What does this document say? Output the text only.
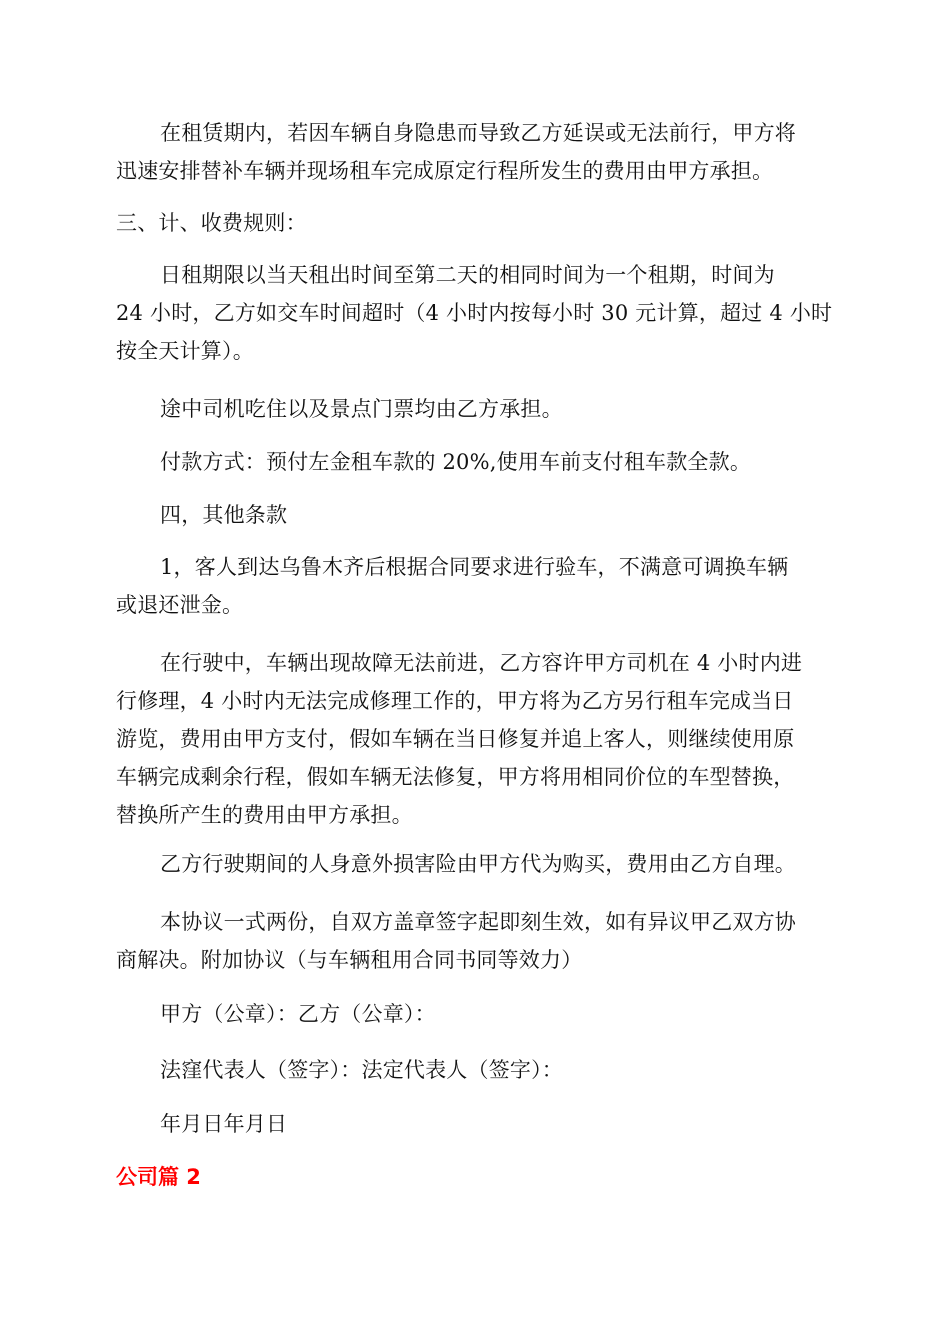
在租赁期内，若因车辆自身隐患而导致乙方延误或无法前行，甲方将
迅速安排替补车辆并现场租车完成原定行程所发生的费用由甲方承担。

三、计、收费规则：

日租期限以当天租出时间至第二天的相同时间为一个租期，时间为
24 小时，乙方如交车时间超时（4 小时内按每小时 30 元计算，超过 4 小时
按全天计算）。

途中司机吃住以及景点门票均由乙方承担。

付款方式：预付左金租车款的 20%,使用车前支付租车款全款。

四，其他条款

1，客人到达乌鲁木齐后根据合同要求进行验车，不满意可调换车辆
或退还泄金。

在行驶中，车辆出现故障无法前进，乙方容许甲方司机在 4 小时内进
行修理，4 小时内无法完成修理工作的，甲方将为乙方另行租车完成当日
游览，费用由甲方支付，假如车辆在当日修复并追上客人，则继续使用原
车辆完成剩余行程，假如车辆无法修复，甲方将用相同价位的车型替换，
替换所产生的费用由甲方承担。

乙方行驶期间的人身意外损害险由甲方代为购买，费用由乙方自理。

本协议一式两份，自双方盖章签字起即刻生效，如有异议甲乙双方协
商解决。附加协议（与车辆租用合同书同等效力）

甲方（公章）：乙方（公章）：

法窪代表人（签字）：法定代表人（签字）：

年月日年月日

公司篇 2
